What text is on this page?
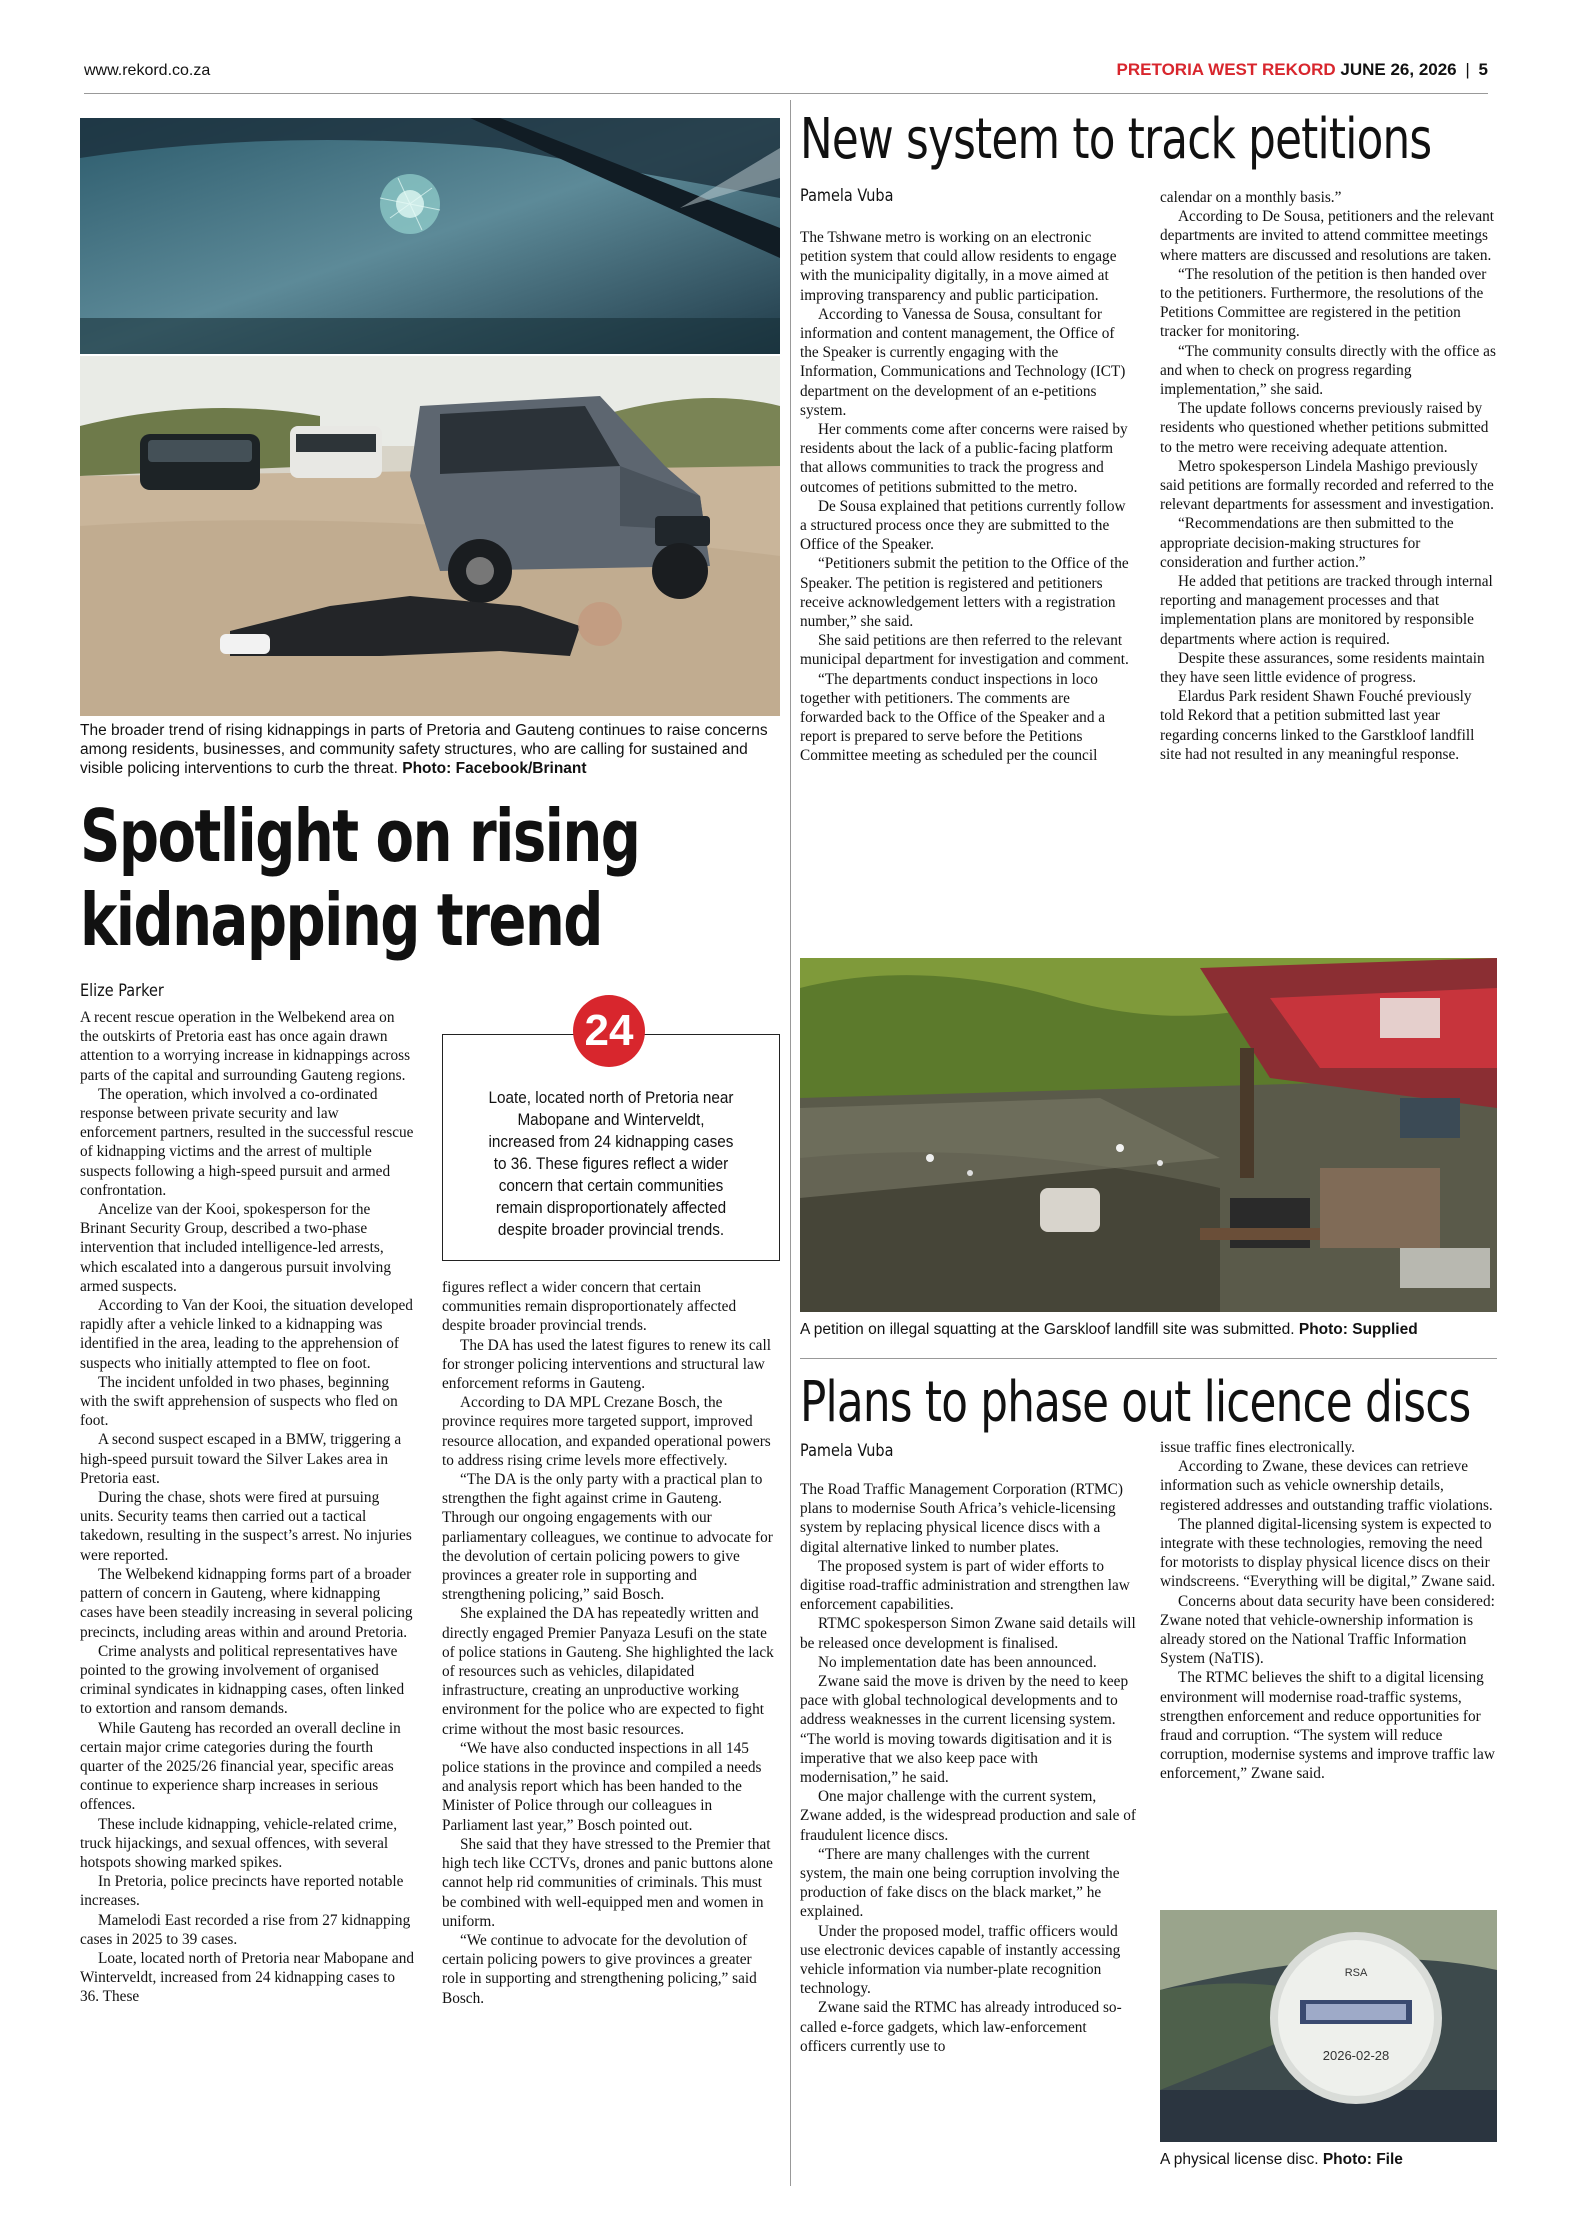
www.rekord.co.za	PRETORIA WEST REKORD JUNE 26, 2026 | 5
The broader trend of rising kidnappings in parts of Pretoria and Gauteng continues to raise concerns among residents, businesses, and community safety structures, who are calling for sustained and visible policing interventions to curb the threat. Photo: Facebook/Brinant
Spotlight on rising
kidnapping trend
Elize Parker

A recent rescue operation in the Welbekend area on the outskirts of Pretoria east has once again drawn attention to a worrying increase in kidnappings across parts of the capital and surrounding Gauteng regions.

The operation, which involved a co-ordinated response between private security and law enforcement partners, resulted in the successful rescue of kidnapping victims and the arrest of multiple suspects following a high-speed pursuit and armed confrontation.

Ancelize van der Kooi, spokesperson for the Brinant Security Group, described a two-phase intervention that included intelligence-led arrests, which escalated into a dangerous pursuit involving armed suspects.

According to Van der Kooi, the situation developed rapidly after a vehicle linked to a kidnapping was identified in the area, leading to the apprehension of suspects who initially attempted to flee on foot.

The incident unfolded in two phases, beginning with the swift apprehension of suspects who fled on foot.

A second suspect escaped in a BMW, triggering a high-speed pursuit toward the Silver Lakes area in Pretoria east.

During the chase, shots were fired at pursuing units. Security teams then carried out a tactical takedown, resulting in the suspect’s arrest. No injuries were reported.

The Welbekend kidnapping forms part of a broader pattern of concern in Gauteng, where kidnapping cases have been steadily increasing in several policing precincts, including areas within and around Pretoria.

Crime analysts and political representatives have pointed to the growing involvement of organised criminal syndicates in kidnapping cases, often linked to extortion and ransom demands.

While Gauteng has recorded an overall decline in certain major crime categories during the fourth quarter of the 2025/26 financial year, specific areas continue to experience sharp increases in serious offences.

These include kidnapping, vehicle-related crime, truck hijackings, and sexual offences, with several hotspots showing marked spikes.

In Pretoria, police precincts have reported notable increases.

Mamelodi East recorded a rise from 27 kidnapping cases in 2025 to 39 cases.

Loate, located north of Pretoria near Mabopane and Winterveldt, increased from 24 kidnapping cases to 36. These

Loate, located north of Pretoria near Mabopane and Winterveldt, increased from 24 kidnapping cases to 36. These figures reflect a wider concern that certain communities remain disproportionately affected despite broader provincial trends.
24

figures reflect a wider concern that certain communities remain disproportionately affected despite broader provincial trends.

The DA has used the latest figures to renew its call for stronger policing interventions and structural law enforcement reforms in Gauteng.

According to DA MPL Crezane Bosch, the province requires more targeted support, improved resource allocation, and expanded operational powers to address rising crime levels more effectively.

“The DA is the only party with a practical plan to strengthen the fight against crime in Gauteng. Through our ongoing engagements with our parliamentary colleagues, we continue to advocate for the devolution of certain policing powers to give provinces a greater role in supporting and strengthening policing,” said Bosch.

She explained the DA has repeatedly written and directly engaged Premier Panyaza Lesufi on the state of police stations in Gauteng. She highlighted the lack of resources such as vehicles, dilapidated infrastructure, creating an unproductive working environment for the police who are expected to fight crime without the most basic resources.

“We have also conducted inspections in all 145 police stations in the province and compiled a needs and analysis report which has been handed to the Minister of Police through our colleagues in Parliament last year,” Bosch pointed out.

She said that they have stressed to the Premier that high tech like CCTVs, drones and panic buttons alone cannot help rid communities of criminals. This must be combined with well-equipped men and women in uniform.

“We continue to advocate for the devolution of certain policing powers to give provinces a greater role in supporting and strengthening policing,” said Bosch.

New system to track petitions
Pamela Vuba

The Tshwane metro is working on an electronic petition system that could allow residents to engage with the municipality digitally, in a move aimed at improving transparency and public participation.

According to Vanessa de Sousa, consultant for information and content management, the Office of the Speaker is currently engaging with the Information, Communications and Technology (ICT) department on the development of an e-petitions system.

Her comments come after concerns were raised by residents about the lack of a public-facing platform that allows communities to track the progress and outcomes of petitions submitted to the metro.

De Sousa explained that petitions currently follow a structured process once they are submitted to the Office of the Speaker.

“Petitioners submit the petition to the Office of the Speaker. The petition is registered and petitioners receive acknowledgement letters with a registration number,” she said.

She said petitions are then referred to the relevant municipal department for investigation and comment.

“The departments conduct inspections in loco together with petitioners. The comments are forwarded back to the Office of the Speaker and a report is prepared to serve before the Petitions Committee meeting as scheduled per the council

calendar on a monthly basis.”

According to De Sousa, petitioners and the relevant departments are invited to attend committee meetings where matters are discussed and resolutions are taken.

“The resolution of the petition is then handed over to the petitioners. Furthermore, the resolutions of the Petitions Committee are registered in the petition tracker for monitoring.

“The community consults directly with the office as and when to check on progress regarding implementation,” she said.

The update follows concerns previously raised by residents who questioned whether petitions submitted to the metro were receiving adequate attention.

Metro spokesperson Lindela Mashigo previously said petitions are formally recorded and referred to the relevant departments for assessment and investigation.

“Recommendations are then submitted to the appropriate decision-making structures for consideration and further action.”

He added that petitions are tracked through internal reporting and management processes and that implementation plans are monitored by responsible departments where action is required.

Despite these assurances, some residents maintain they have seen little evidence of progress.

Elardus Park resident Shawn Fouché previously told Rekord that a petition submitted last year regarding concerns linked to the Garstkloof landfill site had not resulted in any meaningful response.

A petition on illegal squatting at the Garskloof landfill site was submitted. Photo: Supplied
Plans to phase out licence discs
Pamela Vuba

The Road Traffic Management Corporation (RTMC) plans to modernise South Africa’s vehicle-licensing system by replacing physical licence discs with a digital alternative linked to number plates.

The proposed system is part of wider efforts to digitise road-traffic administration and strengthen law enforcement capabilities.

RTMC spokesperson Simon Zwane said details will be released once development is finalised.

No implementation date has been announced.

Zwane said the move is driven by the need to keep pace with global technological developments and to address weaknesses in the current licensing system. “The world is moving towards digitisation and it is imperative that we also keep pace with modernisation,” he said.

One major challenge with the current system, Zwane added, is the widespread production and sale of fraudulent licence discs.

“There are many challenges with the current system, the main one being corruption involving the production of fake discs on the black market,” he explained.

Under the proposed model, traffic officers would use electronic devices capable of instantly accessing vehicle information via number-plate recognition technology.

Zwane said the RTMC has already introduced so-called e-force gadgets, which law-enforcement officers currently use to

issue traffic fines electronically.

According to Zwane, these devices can retrieve information such as vehicle ownership details, registered addresses and outstanding traffic violations.

The planned digital-licensing system is expected to integrate with these technologies, removing the need for motorists to display physical licence discs on their windscreens. “Everything will be digital,” Zwane said.

Concerns about data security have been considered: Zwane noted that vehicle-ownership information is already stored on the National Traffic Information System (NaTIS).

The RTMC believes the shift to a digital licensing environment will modernise road-traffic systems, strengthen enforcement and reduce opportunities for fraud and corruption. “The system will reduce corruption, modernise systems and improve traffic law enforcement,” Zwane said.

RSA
2026-02-28
A physical license disc. Photo: File
